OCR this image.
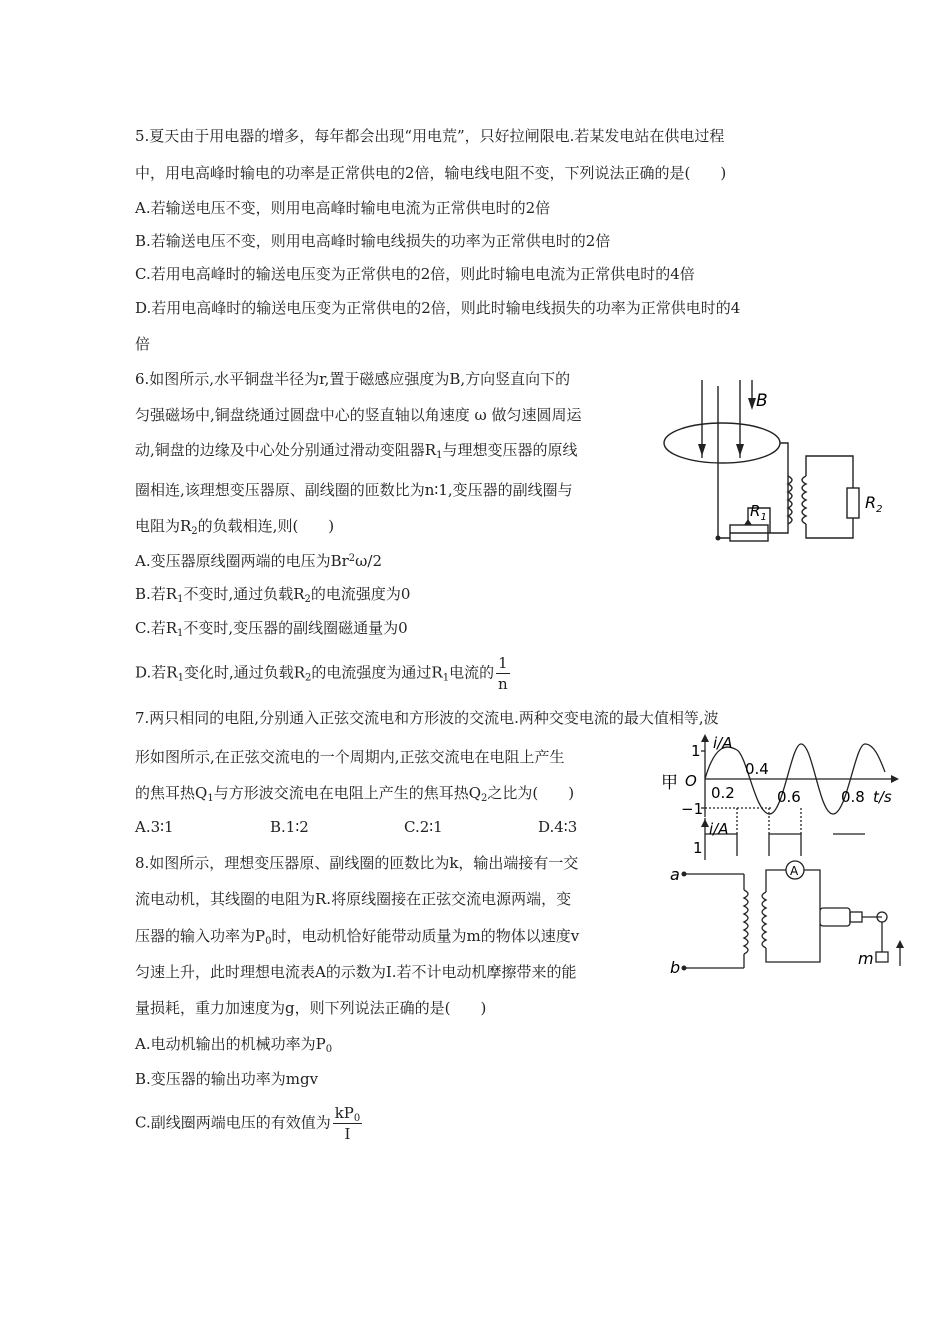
5.夏天由于用电器的增多，每年都会出现“用电荒”，只好拉闸限电.若某发电站在供电过程
中，用电高峰时输电的功率是正常供电的2倍，输电线电阻不变，下列说法正确的是(　　)
A.若输送电压不变，则用电高峰时输电电流为正常供电时的2倍
B.若输送电压不变，则用电高峰时输电线损失的功率为正常供电时的2倍
C.若用电高峰时的输送电压变为正常供电的2倍，则此时输电电流为正常供电时的4倍
D.若用电高峰时的输送电压变为正常供电的2倍，则此时输电线损失的功率为正常供电时的4
倍
6.如图所示,水平铜盘半径为r,置于磁感应强度为B,方向竖直向下的
匀强磁场中,铜盘绕通过圆盘中心的竖直轴以角速度 ω 做匀速圆周运
动,铜盘的边缘及中心处分别通过滑动变阻器$R_1$与理想变压器的原线
圈相连,该理想变压器原、副线圈的匝数比为n∶1,变压器的副线圈与
电阻为$R_2$的负载相连,则(　　)
A.变压器原线圈两端的电压为Br$^2$ω/2
B.若$R_1$不变时,通过负载$R_2$的电流强度为0
C.若$R_1$不变时,变压器的副线圈磁通量为0
D.若$R_1$变化时,通过负载$R_2$的电流强度为通过$R_1$电流的 $\frac{1}{n}$
B
$R_1$
$R_2$
7.两只相同的电阻,分别通入正弦交流电和方形波的交流电.两种交变电流的最大值相等,波
形如图所示,在正弦交流电的一个周期内,正弦交流电在电阻上产生
的焦耳热$Q_1$与方形波交流电在电阻上产生的焦耳热$Q_2$之比为(　　)
A.3∶1	B.1∶2	C.2∶1	D.4∶3
甲
i/A
1
O
−1
0.2
0.4
0.6	0.8 t/s
i/A
1
8.如图所示，理想变压器原、副线圈的匝数比为k，输出端接有一交
流电动机，其线圈的电阻为R.将原线圈接在正弦交流电源两端，变
压器的输入功率为$P_0$时，电动机恰好能带动质量为m的物体以速度v
匀速上升，此时理想电流表A的示数为I.若不计电动机摩擦带来的能
量损耗，重力加速度为g，则下列说法正确的是(　　)
A.电动机输出的机械功率为$P_0$
B.变压器的输出功率为mgv
C.副线圈两端电压的有效值为 $\frac{kP_0}{I}$
a
b
A
m
